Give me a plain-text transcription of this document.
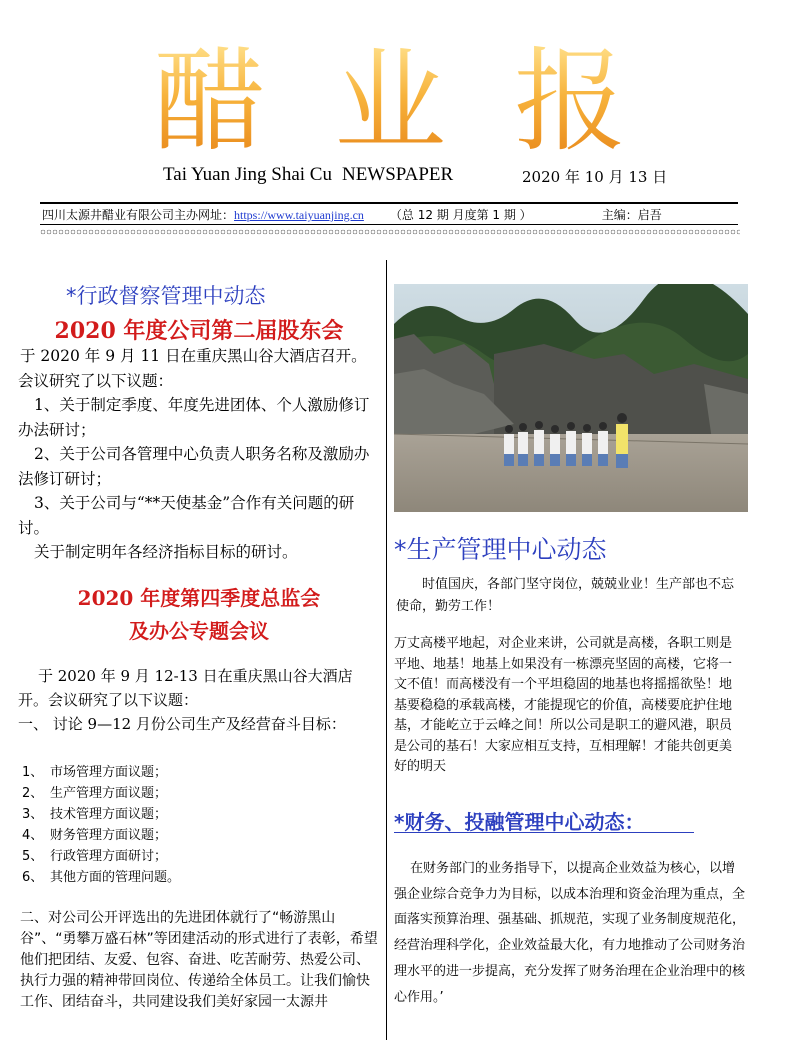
醋业报
Tai Yuan Jing Shai Cu NEWSPAPER	2020 年 10 月 13 日
四川太源井醋业有限公司主办网址：https://www.taiyuanjing.cn （总 12 期 月度第 1 期 ）	主编：启吾
*行政督察管理中动态
2020 年度公司第二届股东会
于 2020 年 9 月 11 日在重庆黑山谷大酒店召开。会议研究了以下议题：
1、关于制定季度、年度先进团体、个人激励修订办法研讨；
2、关于公司各管理中心负责人职务名称及激励办法修订研讨；
3、关于公司与“**天使基金”合作有关问题的研讨。
关于制定明年各经济指标目标的研讨。
2020 年度第四季度总监会
及办公专题会议
于 2020 年 9 月 12-13 日在重庆黑山谷大酒店开。会议研究了以下议题：
一、 讨论 9—12 月份公司生产及经营奋斗目标：
1、 市场管理方面议题；
2、 生产管理方面议题；
3、 技术管理方面议题；
4、 财务管理方面议题；
5、 行政管理方面研讨；
6、 其他方面的管理问题。
二、对公司公开评选出的先进团体就行了“畅游黑山谷”、“勇攀万盛石林”等团建活动的形式进行了表彰，希望他们把团结、友爱、包容、奋进、吃苦耐劳、热爱公司、执行力强的精神带回岗位、传递给全体员工。让我们愉快工作、团结奋斗，共同建设我们美好家园一太源井
*生产管理中心动态
时值国庆，各部门坚守岗位，兢兢业业！生产部也不忘使命，勤劳工作！
万丈高楼平地起，对企业来讲，公司就是高楼，各职工则是平地、地基！地基上如果没有一栋漂亮坚固的高楼，它将一文不值！而高楼没有一个平坦稳固的地基也将摇摇欲坠！地基要稳稳的承载高楼，才能提现它的价值，高楼要庇护住地基，才能屹立于云峰之间！所以公司是职工的避风港，职员是公司的基石！大家应相互支持，互相理解！才能共创更美好的明天
*财务、投融管理中心动态：
在财务部门的业务指导下，以提高企业效益为核心，以增强企业综合竞争力为目标，以成本治理和资金治理为重点，全面落实预算治理、强基础、抓规范，实现了业务制度规范化，经营治理科学化，企业效益最大化，有力地推动了公司财务治理水平的进一步提高，充分发挥了财务治理在企业治理中的核心作用。’
